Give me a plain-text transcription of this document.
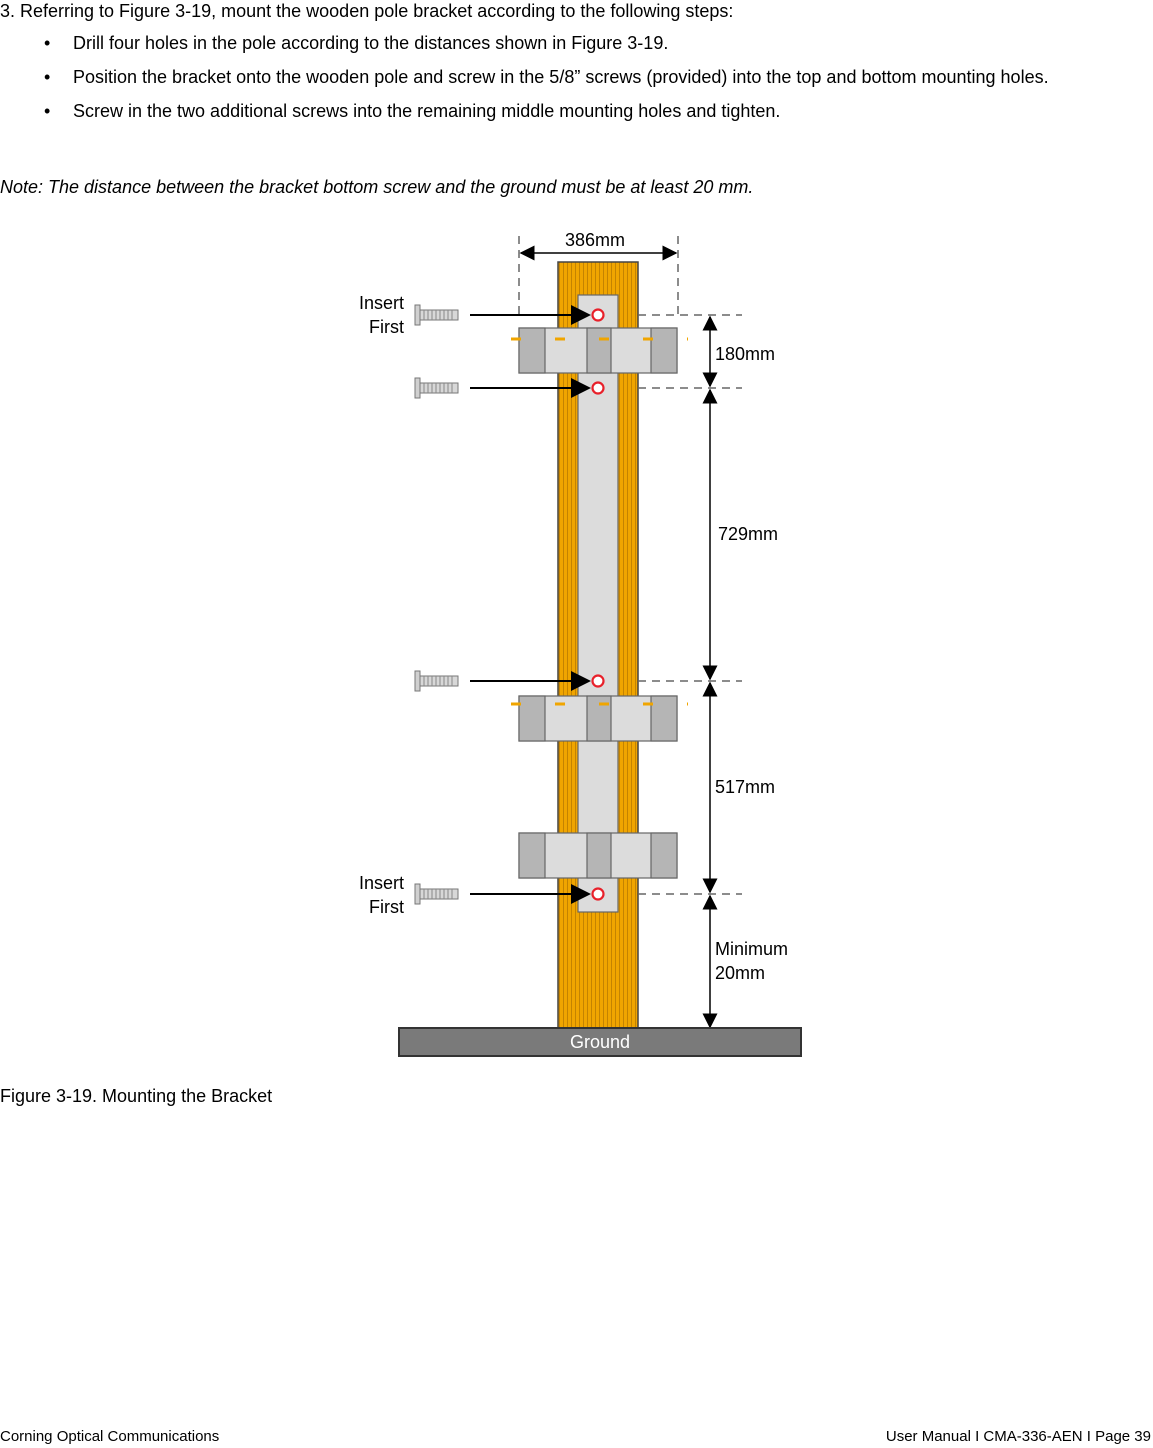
3. Referring to Figure 3-19, mount the wooden pole bracket according to the following steps:
• Drill four holes in the pole according to the distances shown in Figure 3-19.
• Position the bracket onto the wooden pole and screw in the 5/8” screws (provided) into the top and bottom mounting holes.
• Screw in the two additional screws into the remaining middle mounting holes and tighten.
Note: The distance between the bracket bottom screw and the ground must be at least 20 mm.
386mm
Insert
First
Insert
First
180mm
729mm
517mm
Minimum
20mm
Ground
Figure 3-19. Mounting the Bracket
Corning Optical Communications	User Manual I CMA-336-AEN I Page 39
